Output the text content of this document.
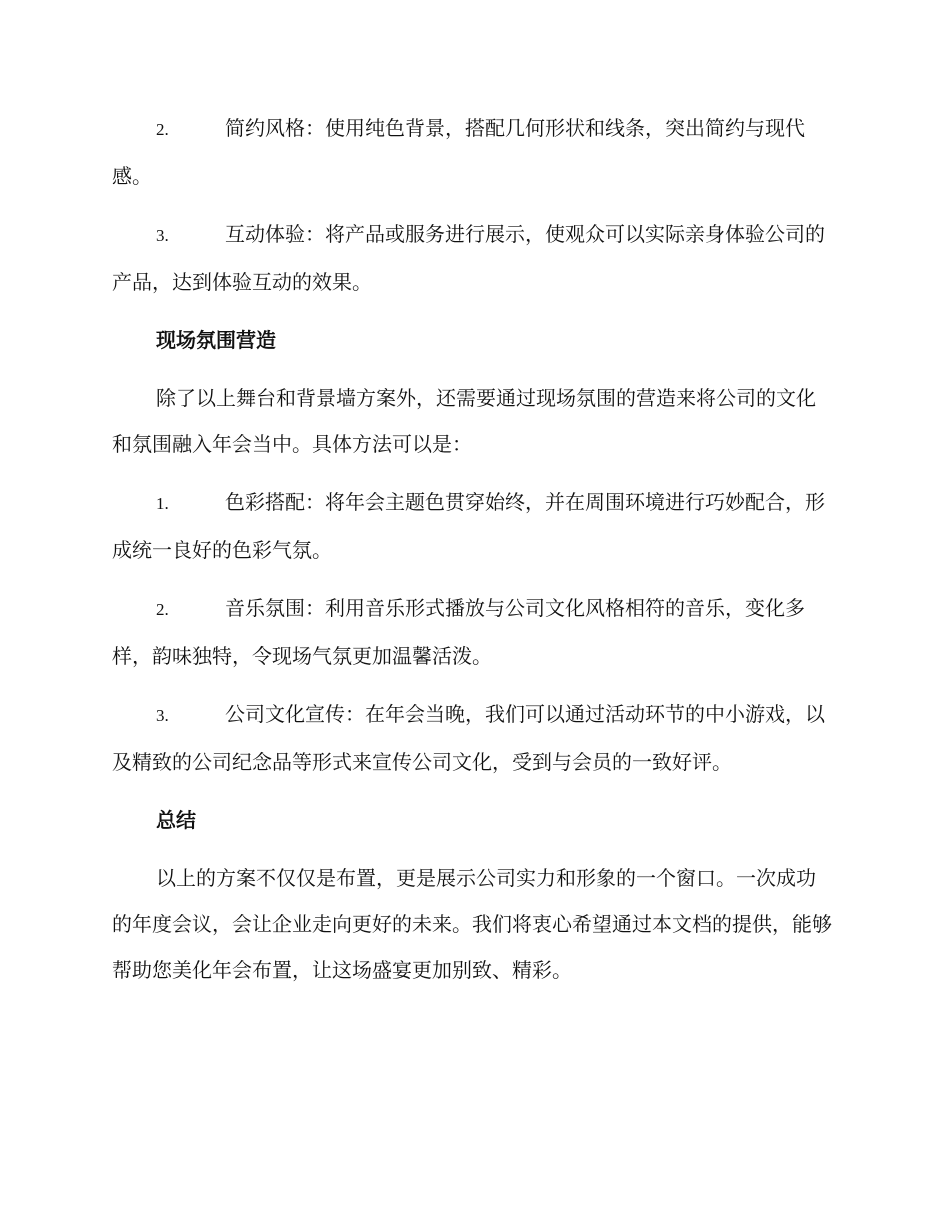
2.	简约风格：使用纯色背景，搭配几何形状和线条，突出简约与现代感。
3.	互动体验：将产品或服务进行展示，使观众可以实际亲身体验公司的产品，达到体验互动的效果。
现场氛围营造
除了以上舞台和背景墙方案外，还需要通过现场氛围的营造来将公司的文化和氛围融入年会当中。具体方法可以是：
1.	色彩搭配：将年会主题色贯穿始终，并在周围环境进行巧妙配合，形成统一良好的色彩气氛。
2.	音乐氛围：利用音乐形式播放与公司文化风格相符的音乐，变化多样，韵味独特，令现场气氛更加温馨活泼。
3.	公司文化宣传：在年会当晚，我们可以通过活动环节的中小游戏，以及精致的公司纪念品等形式来宣传公司文化，受到与会员的一致好评。
总结
以上的方案不仅仅是布置，更是展示公司实力和形象的一个窗口。一次成功的年度会议，会让企业走向更好的未来。我们将衷心希望通过本文档的提供，能够帮助您美化年会布置，让这场盛宴更加别致、精彩。
